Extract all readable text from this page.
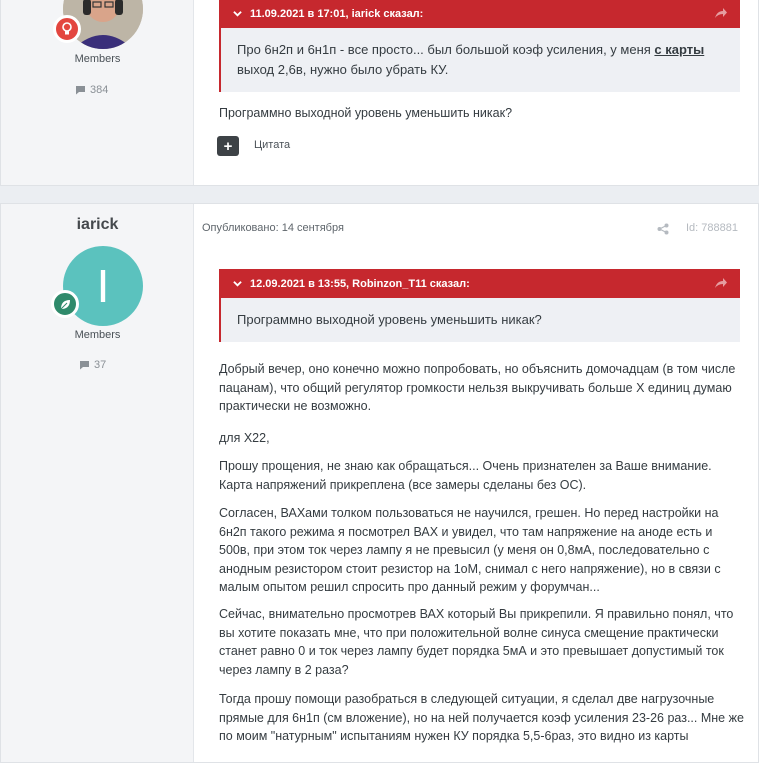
Members
384
11.09.2021 в 17:01, iarick сказал:
Про 6н2п и 6н1п - все просто... был большой коэф усиления, у меня с карты выход 2,6в, нужно было убрать КУ.
Программно выходной уровень уменьшить никак?
+ Цитата
iarick
I
Members
37
Опубликовано: 14 сентября	Id: 788881
12.09.2021 в 13:55, Robinzon_T11 сказал:
Программно выходной уровень уменьшить никак?
Добрый вечер, оно конечно можно попробовать, но объяснить домочадцам (в том числе пацанам), что общий регулятор громкости нельзя выкручивать больше Х единиц думаю практически не возможно.
для Х22,
Прошу прощения, не знаю как обращаться... Очень признателен за Ваше внимание. Карта напряжений прикреплена (все замеры сделаны без ОС).
Согласен, ВАХами толком пользоваться не научился, грешен. Но перед настройки на 6н2п такого режима я посмотрел ВАХ и увидел, что там напряжение на аноде есть и 500в, при этом ток через лампу я не превысил (у меня он 0,8мА, последовательно с анодным резистором стоит резистор на 1оМ, снимал с него напряжение), но в связи с малым опытом решил спросить про данный режим у форумчан...
Сейчас, внимательно просмотрев ВАХ который Вы прикрепили. Я правильно понял, что вы хотите показать мне, что при положительной волне синуса смещение практически станет равно 0 и ток через лампу будет порядка 5мА и это превышает допустимый ток через лампу в 2 раза?
Тогда прошу помощи разобраться в следующей ситуации, я сделал две нагрузочные прямые для 6н1п (см вложение), но на ней получается коэф усиления 23-26 раз... Мне же по моим "натурным" испытаниям нужен КУ порядка 5,5-6раз, это видно из карты
